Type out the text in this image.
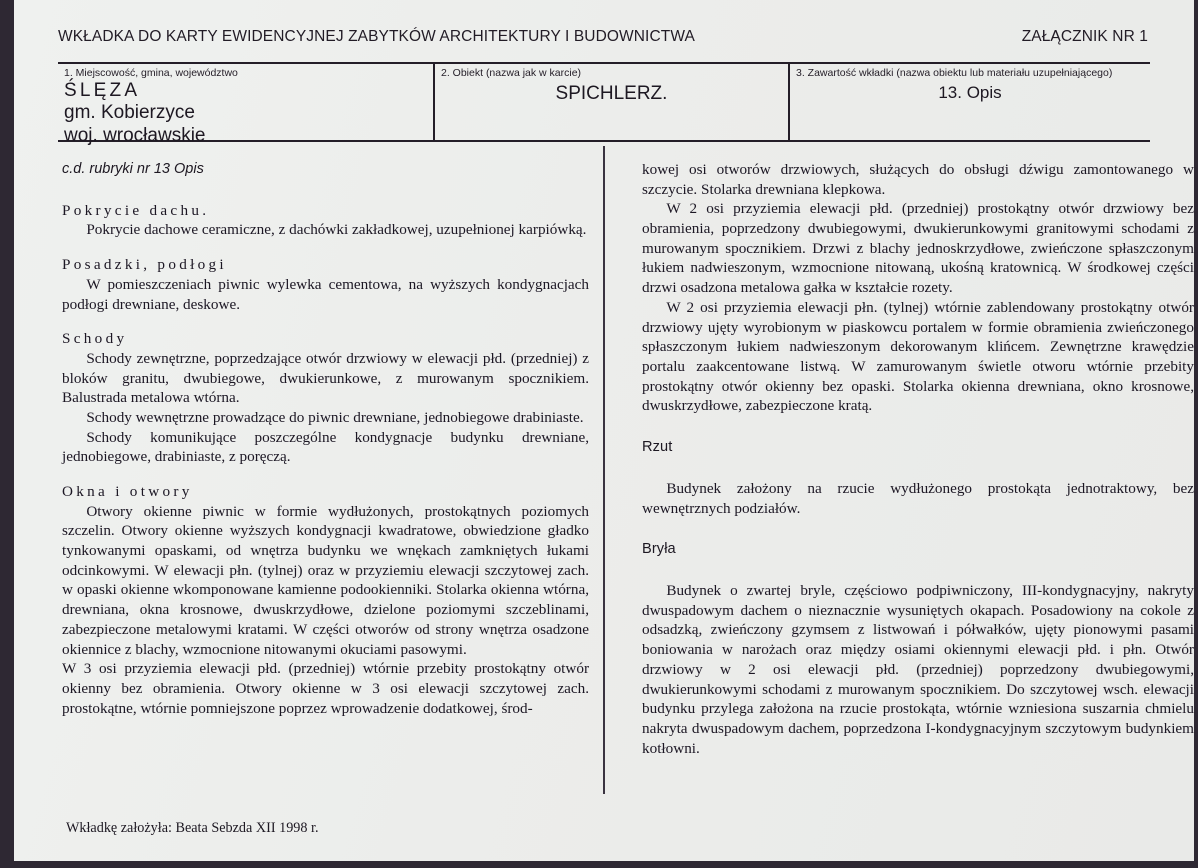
WKŁADKA DO KARTY EWIDENCYJNEJ ZABYTKÓW ARCHITEKTURY I BUDOWNICTWA	ZAŁĄCZNIK NR 1
1. Miejscowość, gmina, województwo
ŚLĘZA
gm. Kobierzyce
woj. wrocławskie
2. Obiekt (nazwa jak w karcie)
SPICHLERZ.
3. Zawartość wkładki (nazwa obiektu lub materiału uzupełniającego)
13. Opis

c.d. rubryki nr 13 Opis

Pokrycie dachu.

Pokrycie dachowe ceramiczne, z dachówki zakładkowej, uzupełnionej karpiówką.

Posadzki, podłogi

W pomieszczeniach piwnic wylewka cementowa, na wyższych kondygnacjach podłogi drewniane, deskowe.

Schody

Schody zewnętrzne, poprzedzające otwór drzwiowy w elewacji płd. (przedniej) z bloków granitu, dwubiegowe, dwukierunkowe, z murowanym spocznikiem. Balustrada metalowa wtórna.

Schody wewnętrzne prowadzące do piwnic drewniane, jednobiegowe drabiniaste.

Schody komunikujące poszczególne kondygnacje budynku drewniane, jednobiegowe, drabiniaste, z poręczą.

Okna i otwory

Otwory okienne piwnic w formie wydłużonych, prostokątnych poziomych szczelin. Otwory okienne wyższych kondygnacji kwadratowe, obwiedzione gładko tynkowanymi opaskami, od wnętrza budynku we wnękach zamkniętych łukami odcinkowymi. W elewacji płn. (tylnej) oraz w przyziemiu elewacji szczytowej zach. w opaski okienne wkomponowane kamienne podookienniki. Stolarka okienna wtórna, drewniana, okna krosnowe, dwuskrzydłowe, dzielone poziomymi szczeblinami, zabezpieczone metalowymi kratami. W części otworów od strony wnętrza osadzone okiennice z blachy, wzmocnione nitowanymi okuciami pasowymi.

W 3 osi przyziemia elewacji płd. (przedniej) wtórnie przebity prostokątny otwór okienny bez obramienia. Otwory okienne w 3 osi elewacji szczytowej zach. prostokątne, wtórnie pomniejszone poprzez wprowadzenie dodatkowej, środ-

kowej osi otworów drzwiowych, służących do obsługi dźwigu zamontowanego w szczycie. Stolarka drewniana klepkowa.

W 2 osi przyziemia elewacji płd. (przedniej) prostokątny otwór drzwiowy bez obramienia, poprzedzony dwubiegowymi, dwukierunkowymi granitowymi schodami z murowanym spocznikiem. Drzwi z blachy jednoskrzydłowe, zwieńczone spłaszczonym łukiem nadwieszonym, wzmocnione nitowaną, ukośną kratownicą. W środkowej części drzwi osadzona metalowa gałka w kształcie rozety.

W 2 osi przyziemia elewacji płn. (tylnej) wtórnie zablendowany prostokątny otwór drzwiowy ujęty wyrobionym w piaskowcu portalem w formie obramienia zwieńczonego spłaszczonym łukiem nadwieszonym dekorowanym klińcem. Zewnętrzne krawędzie portalu zaakcentowane listwą. W zamurowanym świetle otworu wtórnie przebity prostokątny otwór okienny bez opaski. Stolarka okienna drewniana, okno krosnowe, dwuskrzydłowe, zabezpieczone kratą.

Rzut

Budynek założony na rzucie wydłużonego prostokąta jednotraktowy, bez wewnętrznych podziałów.

Bryła

Budynek o zwartej bryle, częściowo podpiwniczony, III-kondygnacyjny, nakryty dwuspadowym dachem o nieznacznie wysuniętych okapach. Posadowiony na cokole z odsadzką, zwieńczony gzymsem z listwowań i półwałków, ujęty pionowymi pasami boniowania w narożach oraz między osiami okiennymi elewacji płd. i płn. Otwór drzwiowy w 2 osi elewacji płd. (przedniej) poprzedzony dwubiegowymi, dwukierunkowymi schodami z murowanym spocznikiem. Do szczytowej wsch. elewacji budynku przylega założona na rzucie prostokąta, wtórnie wzniesiona suszarnia chmielu nakryta dwuspadowym dachem, poprzedzona I-kondygnacyjnym szczytowym budynkiem kotłowni.

Wkładkę założyła: Beata Sebzda XII 1998 r.
